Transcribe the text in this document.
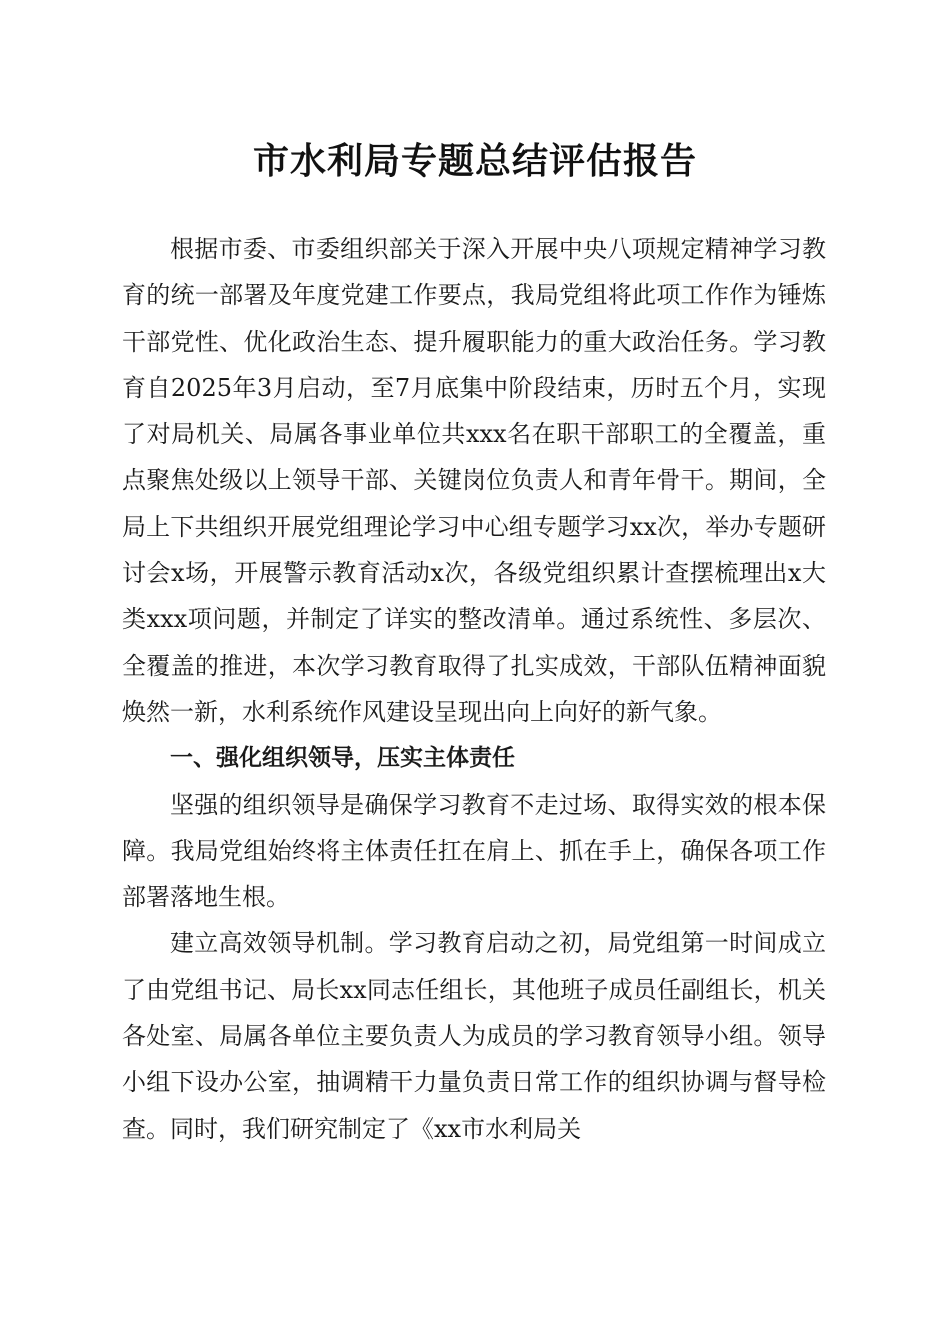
市水利局专题总结评估报告

根据市委、市委组织部关于深入开展中央八项规定精神学习教育的统一部署及年度党建工作要点，我局党组将此项工作作为锤炼干部党性、优化政治生态、提升履职能力的重大政治任务。学习教育自2025年3月启动，至7月底集中阶段结束，历时五个月，实现了对局机关、局属各事业单位共xxx名在职干部职工的全覆盖，重点聚焦处级以上领导干部、关键岗位负责人和青年骨干。期间，全局上下共组织开展党组理论学习中心组专题学习xx次，举办专题研讨会x场，开展警示教育活动x次，各级党组织累计查摆梳理出x大类xxx项问题，并制定了详实的整改清单。通过系统性、多层次、全覆盖的推进，本次学习教育取得了扎实成效，干部队伍精神面貌焕然一新，水利系统作风建设呈现出向上向好的新气象。

一、强化组织领导，压实主体责任

坚强的组织领导是确保学习教育不走过场、取得实效的根本保障。我局党组始终将主体责任扛在肩上、抓在手上，确保各项工作部署落地生根。

建立高效领导机制。学习教育启动之初，局党组第一时间成立了由党组书记、局长xx同志任组长，其他班子成员任副组长，机关各处室、局属各单位主要负责人为成员的学习教育领导小组。领导小组下设办公室，抽调精干力量负责日常工作的组织协调与督导检查。同时，我们研究制定了《xx市水利局关
